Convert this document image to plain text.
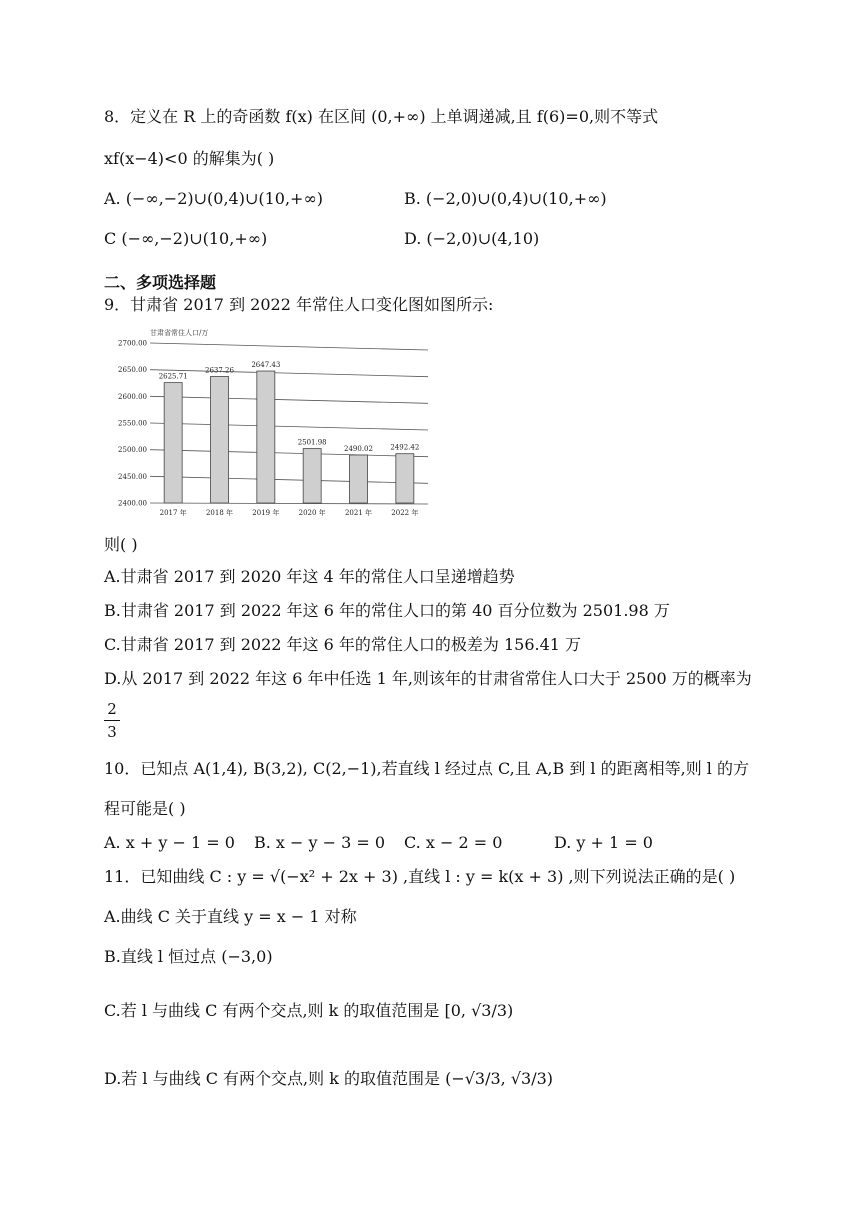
8．定义在 R 上的奇函数 f(x) 在区间 (0,+∞) 上单调递减,且 f(6)=0,则不等式
xf(x−4)<0 的解集为( )
A. (−∞,−2)∪(0,4)∪(10,+∞)	B. (−2,0)∪(0,4)∪(10,+∞)
C (−∞,−2)∪(10,+∞)	D. (−2,0)∪(4,10)
二、多项选择题
9．甘肃省 2017 到 2022 年常住人口变化图如图所示:
2400.00
2450.00
2500.00
2550.00
2600.00
2650.00
2700.00
2625.71
2637.26
2647.43
2501.98
2490.02 2492.42
2017 年	2018 年	2019 年	2020 年	2021 年	2022 年
甘肃省常住人口/万
则( )
A.甘肃省 2017 到 2020 年这 4 年的常住人口呈递增趋势
B.甘肃省 2017 到 2022 年这 6 年的常住人口的第 40 百分位数为 2501.98 万
C.甘肃省 2017 到 2022 年这 6 年的常住人口的极差为 156.41 万
D.从 2017 到 2022 年这 6 年中任选 1 年,则该年的甘肃省常住人口大于 2500 万的概率为
2
3
10．已知点 A(1,4), B(3,2), C(2,−1),若直线 l 经过点 C,且 A,B 到 l 的距离相等,则 l 的方
程可能是( )
A. x + y − 1 = 0 B. x − y − 3 = 0 C. x − 2 = 0	D. y + 1 = 0
11．已知曲线 C : y = √(−x² + 2x + 3) ,直线 l : y = k(x + 3) ,则下列说法正确的是( )
A.曲线 C 关于直线 y = x − 1 对称
B.直线 l 恒过点 (−3,0)
C.若 l 与曲线 C 有两个交点,则 k 的取值范围是 [0, √3/3)
D.若 l 与曲线 C 有两个交点,则 k 的取值范围是 (−√3/3, √3/3)
